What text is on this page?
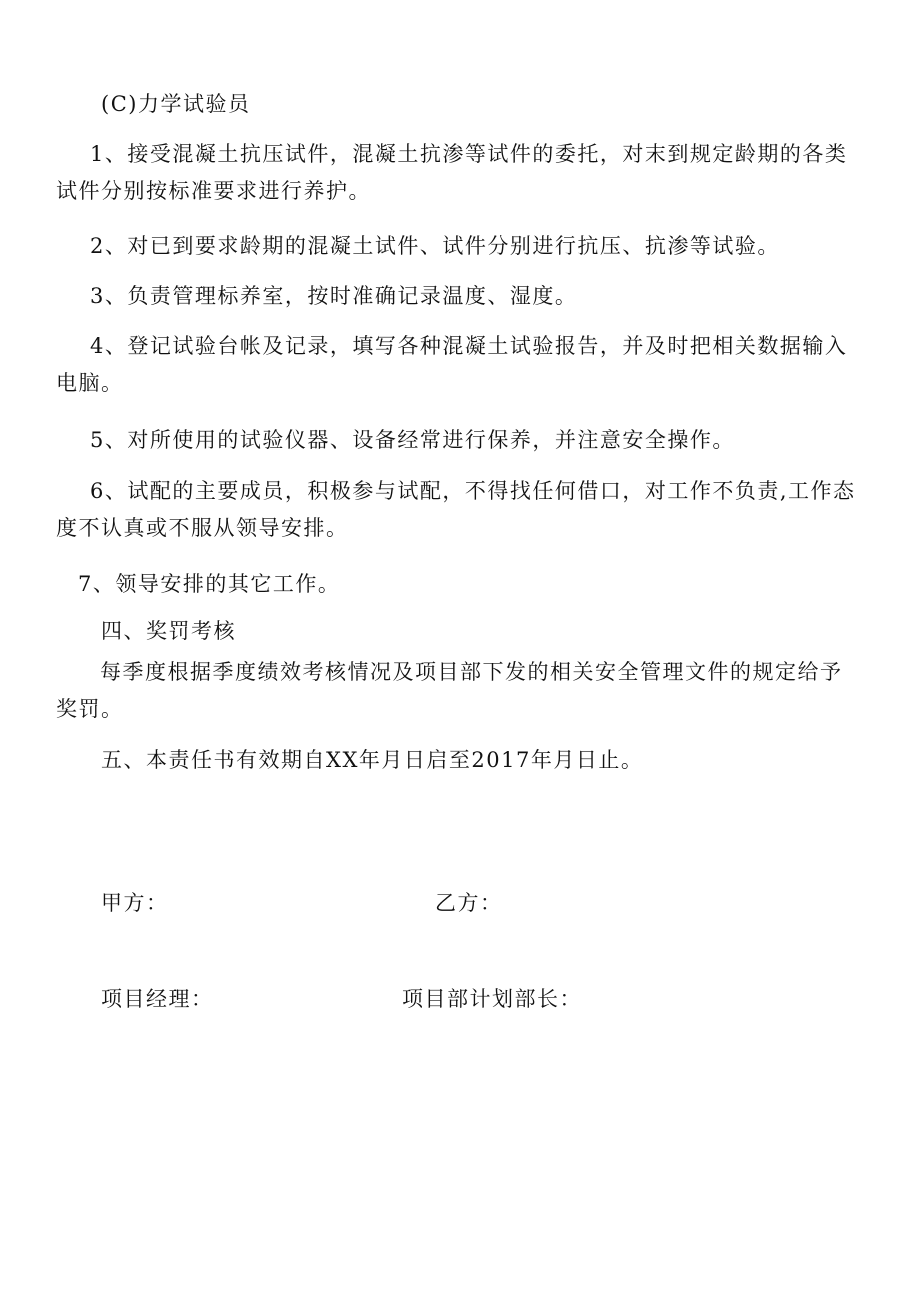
(C)力学试验员
1、接受混凝土抗压试件，混凝土抗渗等试件的委托，对末到规定龄期的各类试件分别按标准要求进行养护。
2、对已到要求龄期的混凝土试件、试件分别进行抗压、抗渗等试验。
3、负责管理标养室，按时准确记录温度、湿度。
4、登记试验台帐及记录，填写各种混凝土试验报告，并及时把相关数据输入电脑。
5、对所使用的试验仪器、设备经常进行保养，并注意安全操作。
6、试配的主要成员，积极参与试配，不得找任何借口，对工作不负责,工作态度不认真或不服从领导安排。
7、领导安排的其它工作。
四、奖罚考核
每季度根据季度绩效考核情况及项目部下发的相关安全管理文件的规定给予奖罚。
五、本责任书有效期自XX年月日启至2017年月日止。
甲方：	乙方：
项目经理：	项目部计划部长：
